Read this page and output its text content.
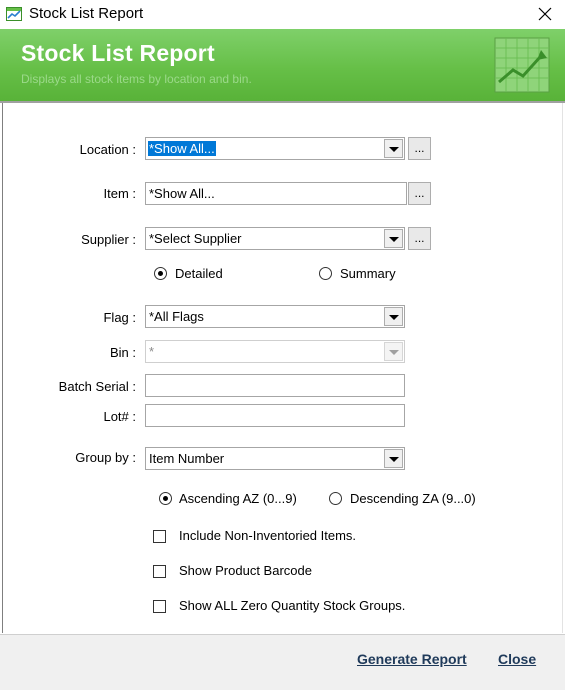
Stock List Report
Stock List Report
Displays all stock items by location and bin.
Location : *Show All...	...
Item : *Show All...	...
Supplier : *Select Supplier	...
Detailed	Summary
Flag : *All Flags
Bin : *
Batch Serial :
Lot# :
Group by : Item Number
Ascending AZ (0...9)	Descending ZA (9...0)
Include Non-Inventoried Items.
Show Product Barcode
Show ALL Zero Quantity Stock Groups.
Generate Report Close
